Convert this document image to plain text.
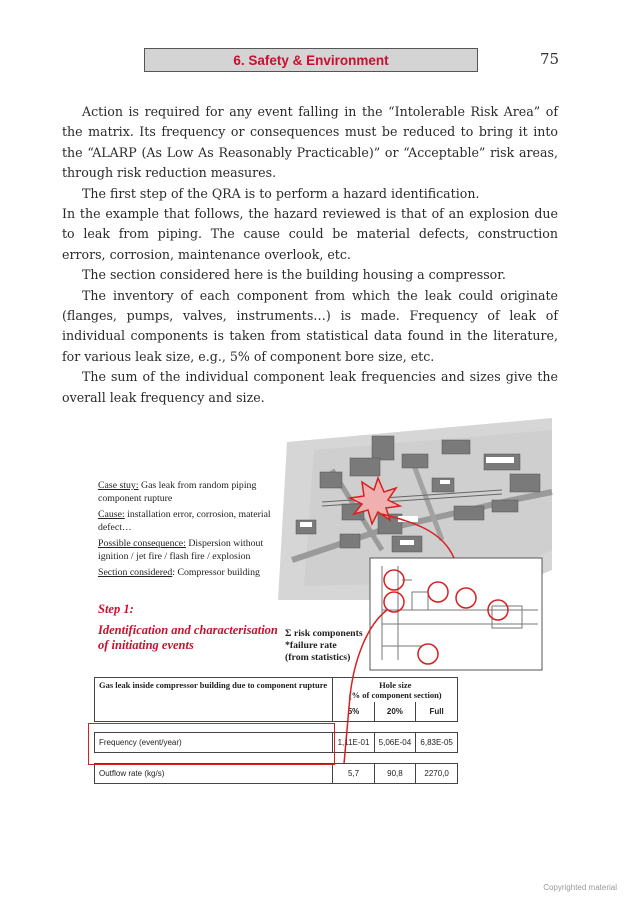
6. Safety & Environment	75

Action is required for any event falling in the “Intolerable Risk Area” of the matrix. Its frequency or consequences must be reduced to bring it into the “ALARP (As Low As Reasonably Practicable)” or “Acceptable” risk areas, through risk reduction measures.

The first step of the QRA is to perform a hazard identification.

In the example that follows, the hazard reviewed is that of an explosion due to leak from piping. The cause could be material defects, construction errors, corrosion, maintenance overlook, etc.

The section considered here is the building housing a compressor.

The inventory of each component from which the leak could originate (flanges, pumps, valves, instruments…) is made. Frequency of leak of individual components is taken from statistical data found in the literature, for various leak size, e.g., 5% of component bore size, etc.

The sum of the individual component leak frequencies and sizes give the overall leak frequency and size.

Case stuy: Gas leak from random piping component rupture

Cause: installation error, corrosion, material defect…

Possible consequence: Dispersion without ignition / jet fire / flash fire / explosion

Section considered: Compressor building

Step 1:
Identification and characterisation
of initiating events
Σ risk components
*failure rate
(from statistics)
Gas leak inside compressor building due to component rupture	Hole size
(% of component section)		

	5%	20%	Full

Frequency (event/year)	1,11E-01	5,06E-04	6,83E-05

Outflow rate (kg/s)	5,7	90,8	2270,0
Copyrighted material
